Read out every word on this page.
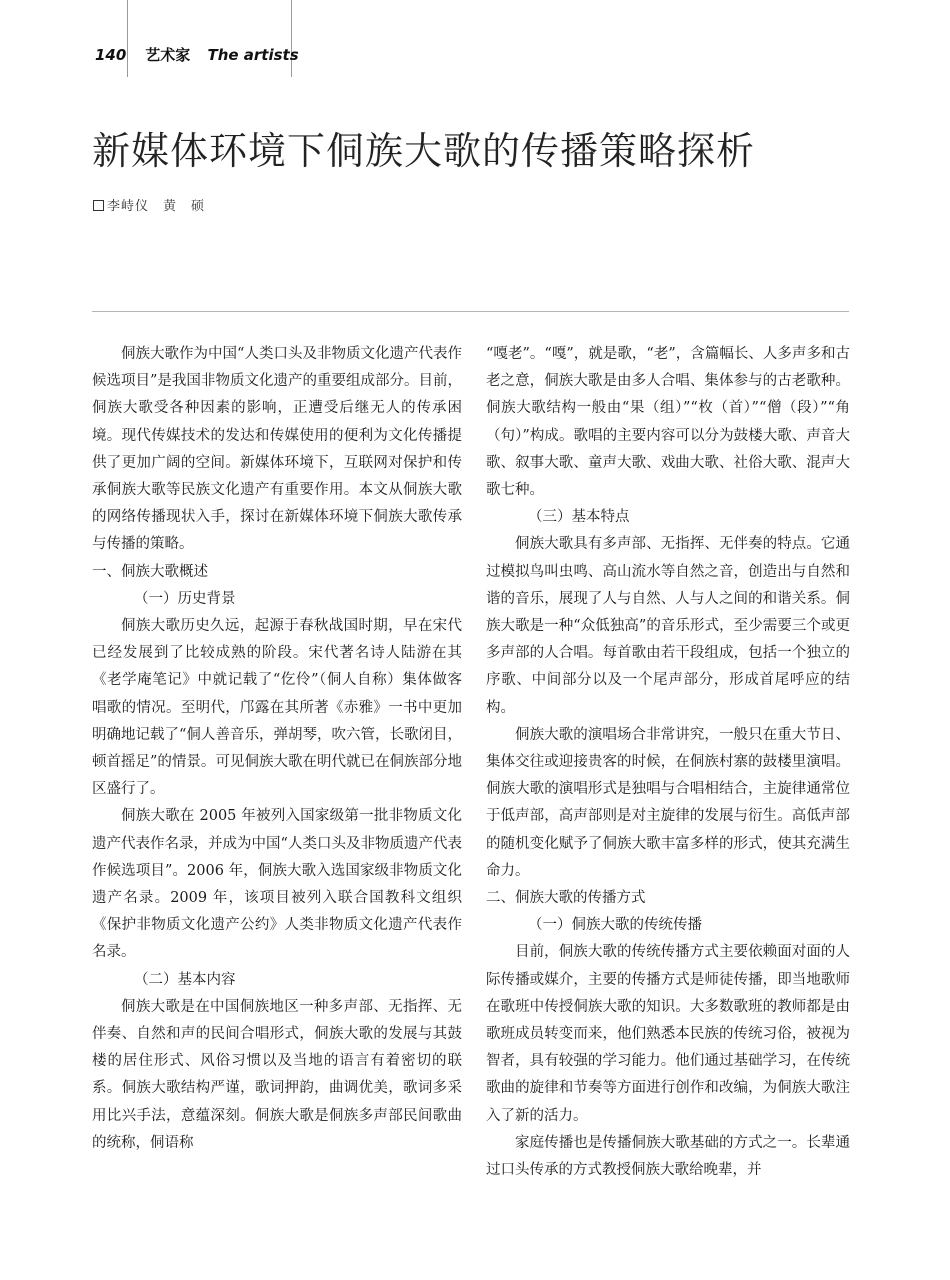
140 艺术家 The artists
新媒体环境下侗族大歌的传播策略探析
李峙仪　黄　硕

侗族大歌作为中国“人类口头及非物质文化遗产代表作候选项目”是我国非物质文化遗产的重要组成部分。目前，侗族大歌受各种因素的影响，正遭受后继无人的传承困境。现代传媒技术的发达和传媒使用的便利为文化传播提供了更加广阔的空间。新媒体环境下，互联网对保护和传承侗族大歌等民族文化遗产有重要作用。本文从侗族大歌的网络传播现状入手，探讨在新媒体环境下侗族大歌传承与传播的策略。

一、侗族大歌概述

（一）历史背景

侗族大歌历史久远，起源于春秋战国时期，早在宋代已经发展到了比较成熟的阶段。宋代著名诗人陆游在其《老学庵笔记》中就记载了“仡伶”（侗人自称）集体做客唱歌的情况。至明代，邝露在其所著《赤雅》一书中更加明确地记载了“侗人善音乐，弹胡琴，吹六管，长歌闭目，顿首摇足”的情景。可见侗族大歌在明代就已在侗族部分地区盛行了。

侗族大歌在 2005 年被列入国家级第一批非物质文化遗产代表作名录，并成为中国“人类口头及非物质遗产代表作候选项目”。2006 年，侗族大歌入选国家级非物质文化遗产名录。2009 年，该项目被列入联合国教科文组织《保护非物质文化遗产公约》人类非物质文化遗产代表作名录。

（二）基本内容

侗族大歌是在中国侗族地区一种多声部、无指挥、无伴奏、自然和声的民间合唱形式，侗族大歌的发展与其鼓楼的居住形式、风俗习惯以及当地的语言有着密切的联系。侗族大歌结构严谨，歌词押韵，曲调优美，歌词多采用比兴手法，意蕴深刻。侗族大歌是侗族多声部民间歌曲的统称，侗语称

“嘎老”。“嘎”，就是歌，“老”，含篇幅长、人多声多和古老之意，侗族大歌是由多人合唱、集体参与的古老歌种。侗族大歌结构一般由“果（组）”“枚（首）”“僧（段）”“角（句）”构成。歌唱的主要内容可以分为鼓楼大歌、声音大歌、叙事大歌、童声大歌、戏曲大歌、社俗大歌、混声大歌七种。

（三）基本特点

侗族大歌具有多声部、无指挥、无伴奏的特点。它通过模拟鸟叫虫鸣、高山流水等自然之音，创造出与自然和谐的音乐，展现了人与自然、人与人之间的和谐关系。侗族大歌是一种“众低独高”的音乐形式，至少需要三个或更多声部的人合唱。每首歌由若干段组成，包括一个独立的序歌、中间部分以及一个尾声部分，形成首尾呼应的结构。

侗族大歌的演唱场合非常讲究，一般只在重大节日、集体交往或迎接贵客的时候，在侗族村寨的鼓楼里演唱。侗族大歌的演唱形式是独唱与合唱相结合，主旋律通常位于低声部，高声部则是对主旋律的发展与衍生。高低声部的随机变化赋予了侗族大歌丰富多样的形式，使其充满生命力。

二、侗族大歌的传播方式

（一）侗族大歌的传统传播

目前，侗族大歌的传统传播方式主要依赖面对面的人际传播或媒介，主要的传播方式是师徒传播，即当地歌师在歌班中传授侗族大歌的知识。大多数歌班的教师都是由歌班成员转变而来，他们熟悉本民族的传统习俗，被视为智者，具有较强的学习能力。他们通过基础学习，在传统歌曲的旋律和节奏等方面进行创作和改编，为侗族大歌注入了新的活力。

家庭传播也是传播侗族大歌基础的方式之一。长辈通过口头传承的方式教授侗族大歌给晚辈，并
